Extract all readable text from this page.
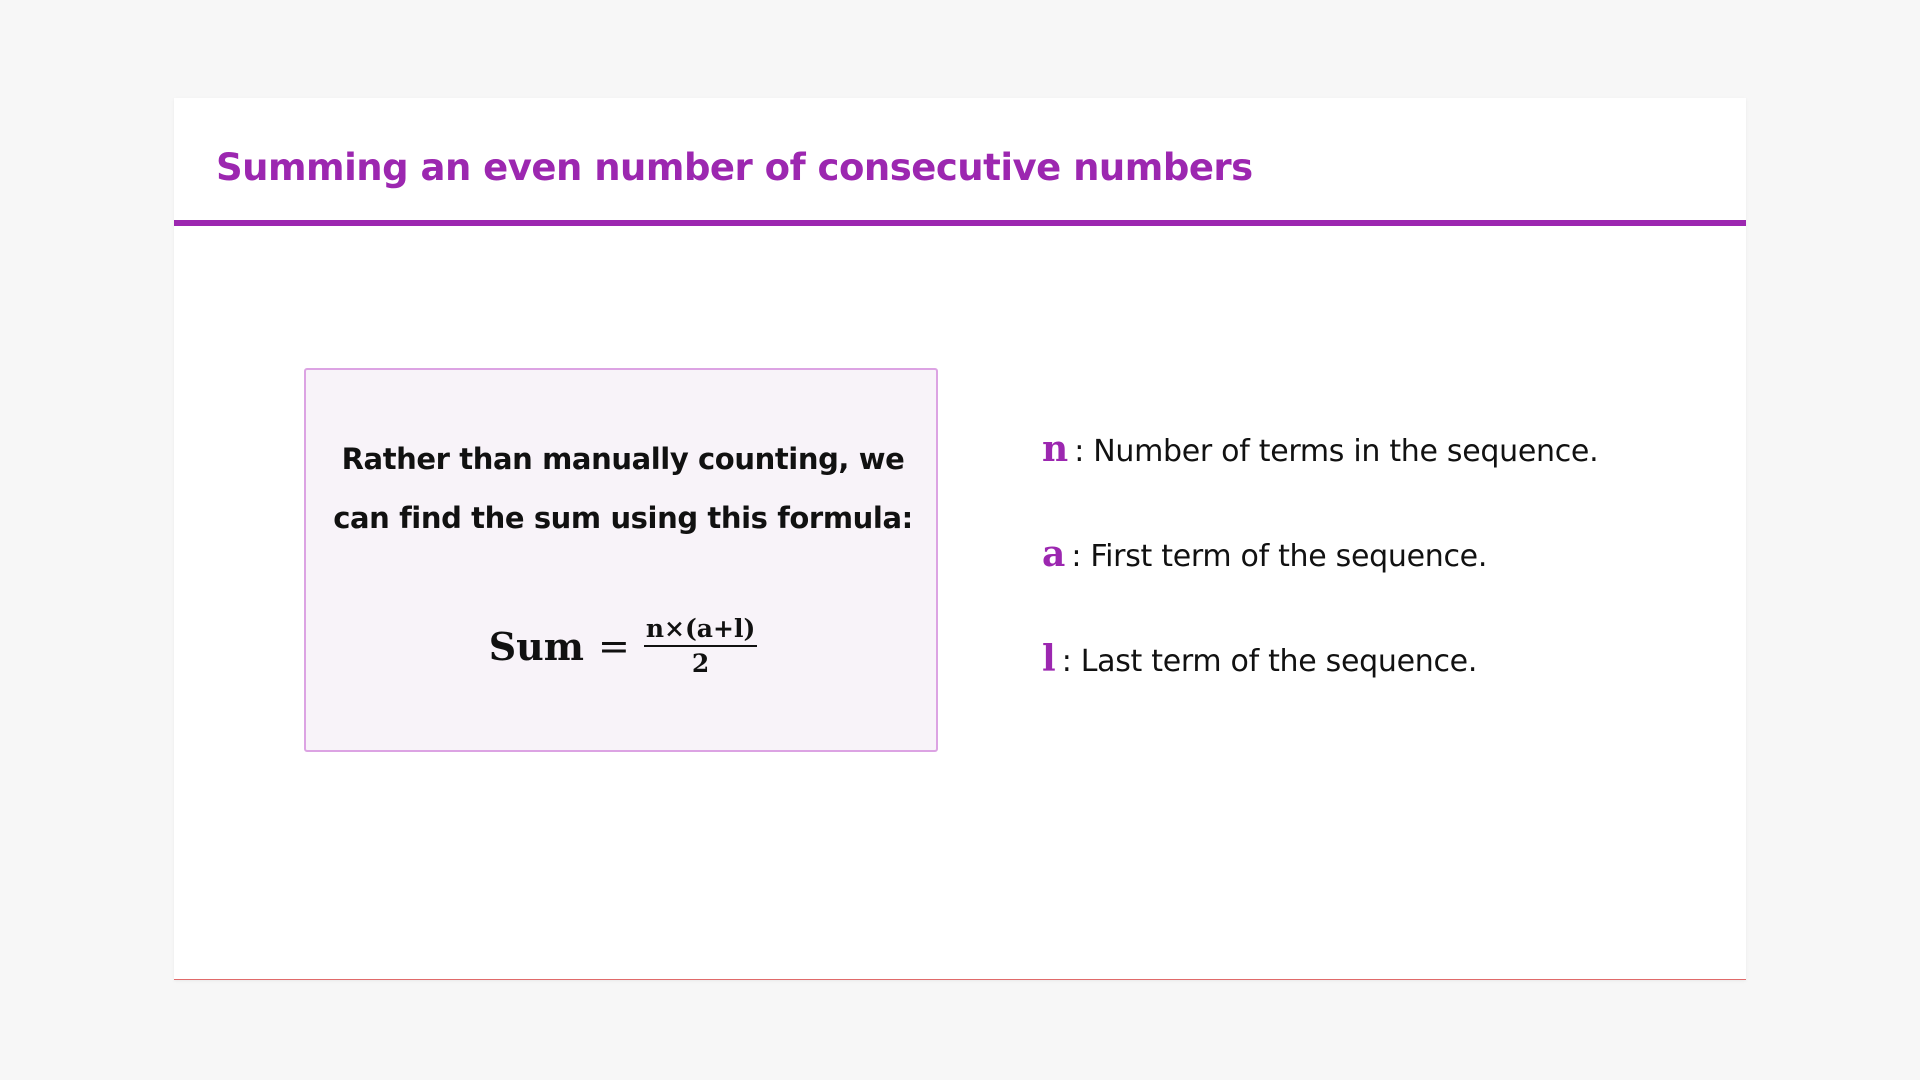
Summing an even number of consecutive numbers
Rather than manually counting, we
can find the sum using this formula:
Sum = $\frac{n\times(a+l)}{2}$
n : Number of terms in the sequence.
a : First term of the sequence.
l : Last term of the sequence.
